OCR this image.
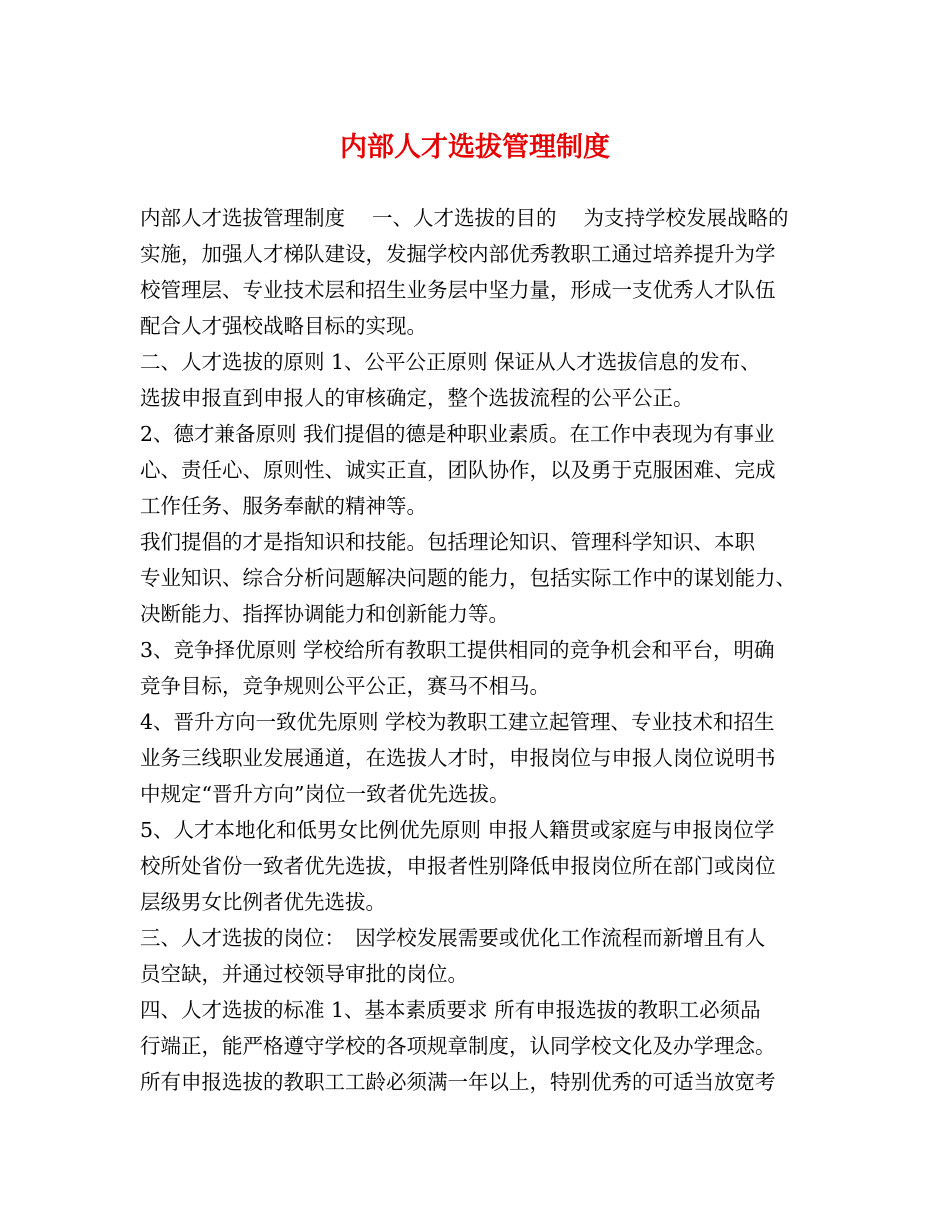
内部人才选拔管理制度
内部人才选拔管理制度　 一、人才选拔的目的　 为支持学校发展战略的
实施，加强人才梯队建设，发掘学校内部优秀教职工通过培养提升为学
校管理层、专业技术层和招生业务层中坚力量，形成一支优秀人才队伍
配合人才强校战略目标的实现。
二、人才选拔的原则 1、公平公正原则 保证从人才选拔信息的发布、
选拔申报直到申报人的审核确定，整个选拔流程的公平公正。
2、德才兼备原则 我们提倡的德是种职业素质。在工作中表现为有事业
心、责任心、原则性、诚实正直，团队协作，以及勇于克服困难、完成
工作任务、服务奉献的精神等。
我们提倡的才是指知识和技能。包括理论知识、管理科学知识、本职
专业知识、综合分析问题解决问题的能力，包括实际工作中的谋划能力、
决断能力、指挥协调能力和创新能力等。
3、竞争择优原则 学校给所有教职工提供相同的竞争机会和平台，明确
竞争目标，竞争规则公平公正，赛马不相马。
4、晋升方向一致优先原则 学校为教职工建立起管理、专业技术和招生
业务三线职业发展通道，在选拔人才时，申报岗位与申报人岗位说明书
中规定“晋升方向”岗位一致者优先选拔。
5、人才本地化和低男女比例优先原则 申报人籍贯或家庭与申报岗位学
校所处省份一致者优先选拔，申报者性别降低申报岗位所在部门或岗位
层级男女比例者优先选拔。
三、人才选拔的岗位：　因学校发展需要或优化工作流程而新增且有人
员空缺，并通过校领导审批的岗位。
四、人才选拔的标准 1、基本素质要求 所有申报选拔的教职工必须品
行端正，能严格遵守学校的各项规章制度，认同学校文化及办学理念。
所有申报选拔的教职工工龄必须满一年以上，特别优秀的可适当放宽考
